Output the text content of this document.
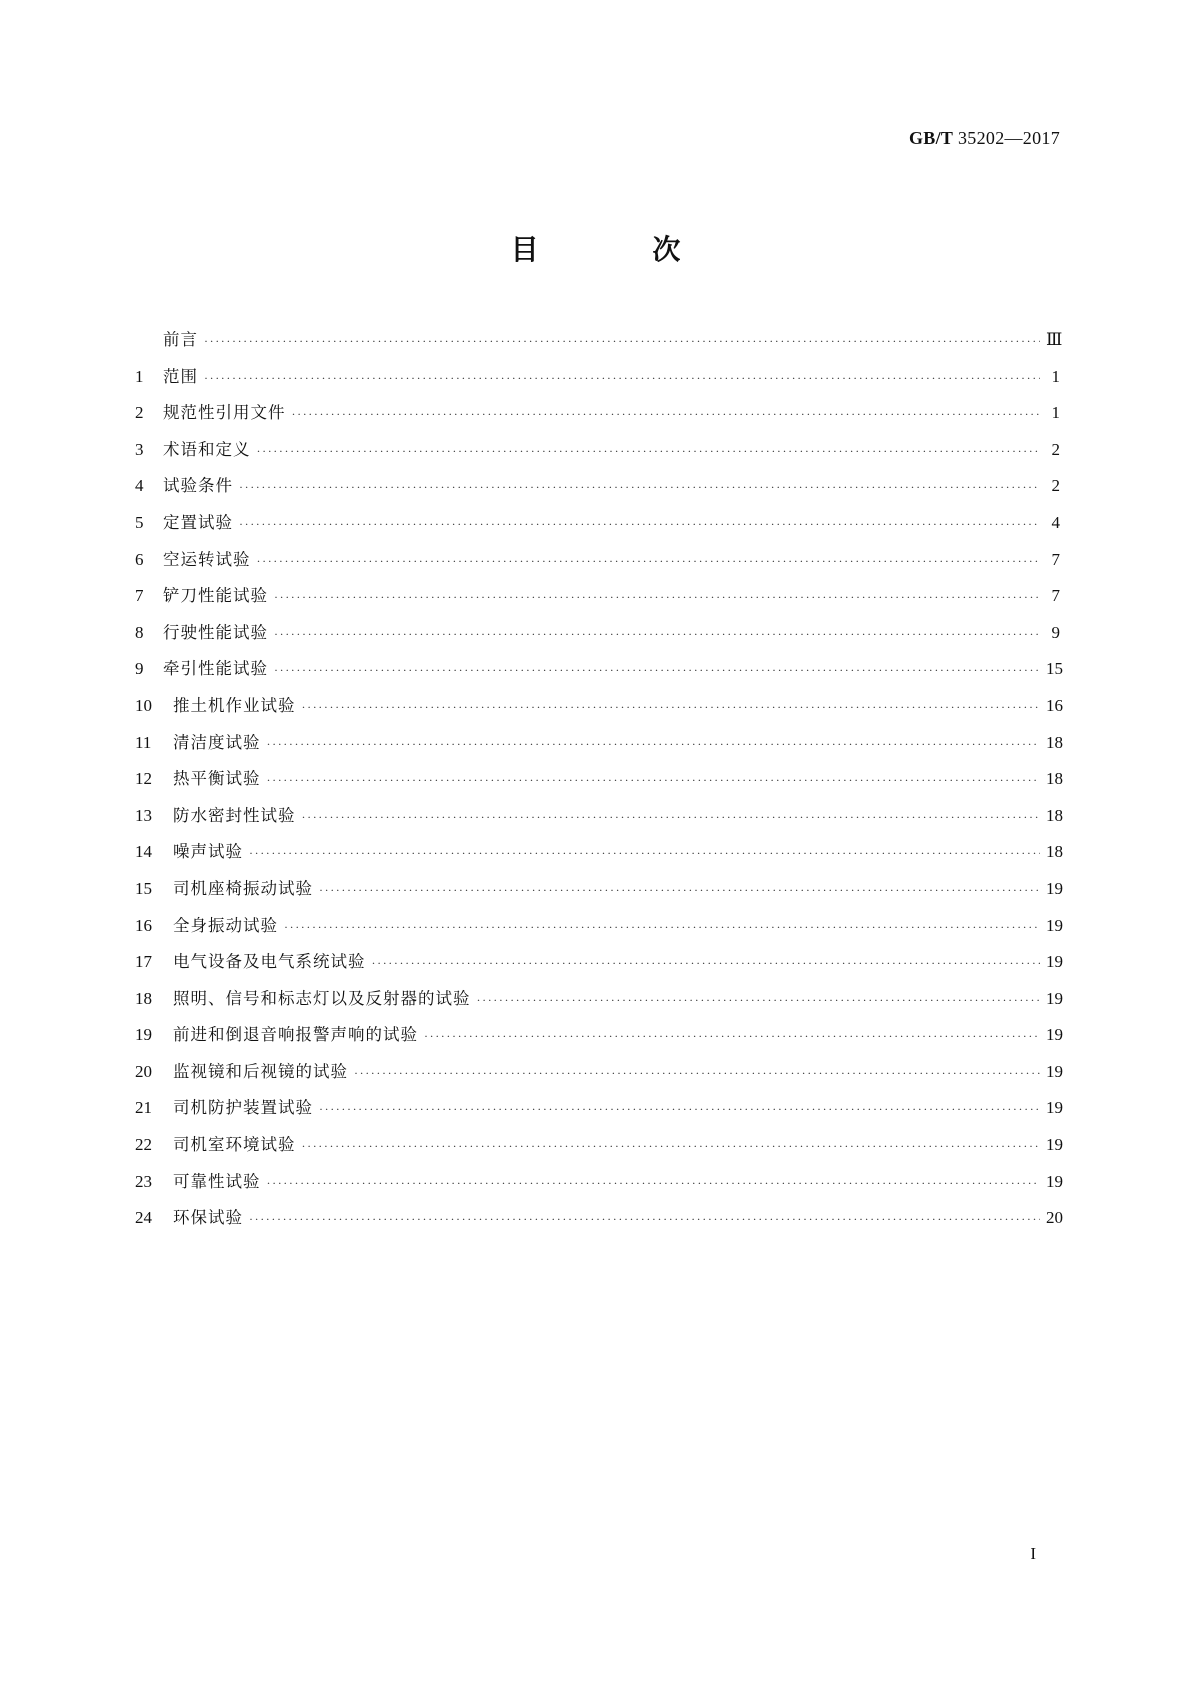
GB/T 35202—2017
目 次
前言 ·····	Ⅲ
1	范围 ·····	1
2	规范性引用文件 ·····	1
3	术语和定义 ·····	2
4	试验条件 ·····	2
5	定置试验 ·····	4
6	空运转试验 ·····	7
7	铲刀性能试验 ·····	7
8	行驶性能试验 ·····	9
9	牵引性能试验 ·····	15
10	推土机作业试验 ·····	16
11	清洁度试验 ·····	18
12	热平衡试验 ·····	18
13	防水密封性试验 ·····	18
14	噪声试验 ·····	18
15	司机座椅振动试验 ·····	19
16	全身振动试验 ·····	19
17	电气设备及电气系统试验 ·····	19
18	照明、信号和标志灯以及反射器的试验 ·····	19
19	前进和倒退音响报警声响的试验 ·····	19
20	监视镜和后视镜的试验 ·····	19
21	司机防护装置试验 ·····	19
22	司机室环境试验 ·····	19
23	可靠性试验 ·····	19
24	环保试验 ·····	20
I
